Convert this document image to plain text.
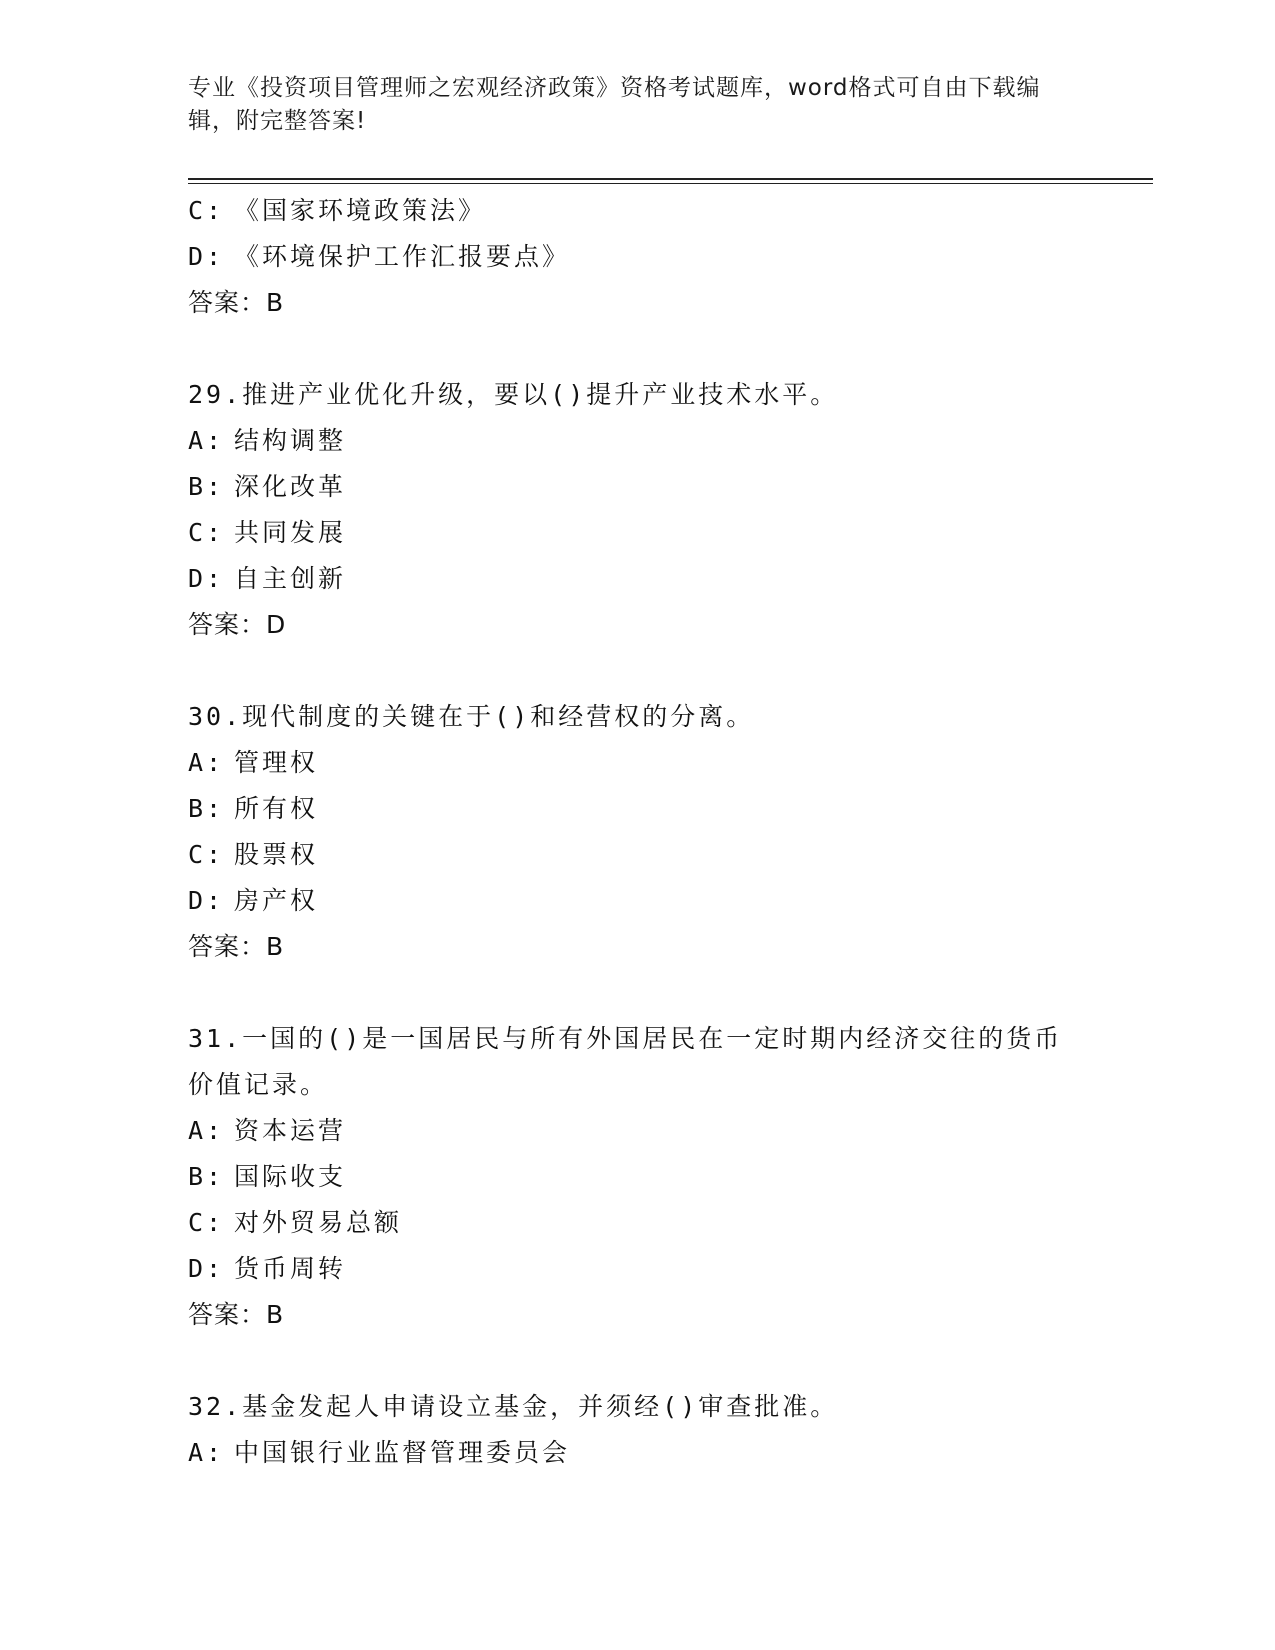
专业《投资项目管理师之宏观经济政策》资格考试题库，word格式可自由下载编辑，附完整答案!
C: 《国家环境政策法》
D: 《环境保护工作汇报要点》
答案：B
29.推进产业优化升级，要以()提升产业技术水平。
A: 结构调整
B: 深化改革
C: 共同发展
D: 自主创新
答案：D
30.现代制度的关键在于()和经营权的分离。
A: 管理权
B: 所有权
C: 股票权
D: 房产权
答案：B
31.一国的()是一国居民与所有外国居民在一定时期内经济交往的货币价值记录。
A: 资本运营
B: 国际收支
C: 对外贸易总额
D: 货币周转
答案：B
32.基金发起人申请设立基金，并须经()审查批准。
A: 中国银行业监督管理委员会
